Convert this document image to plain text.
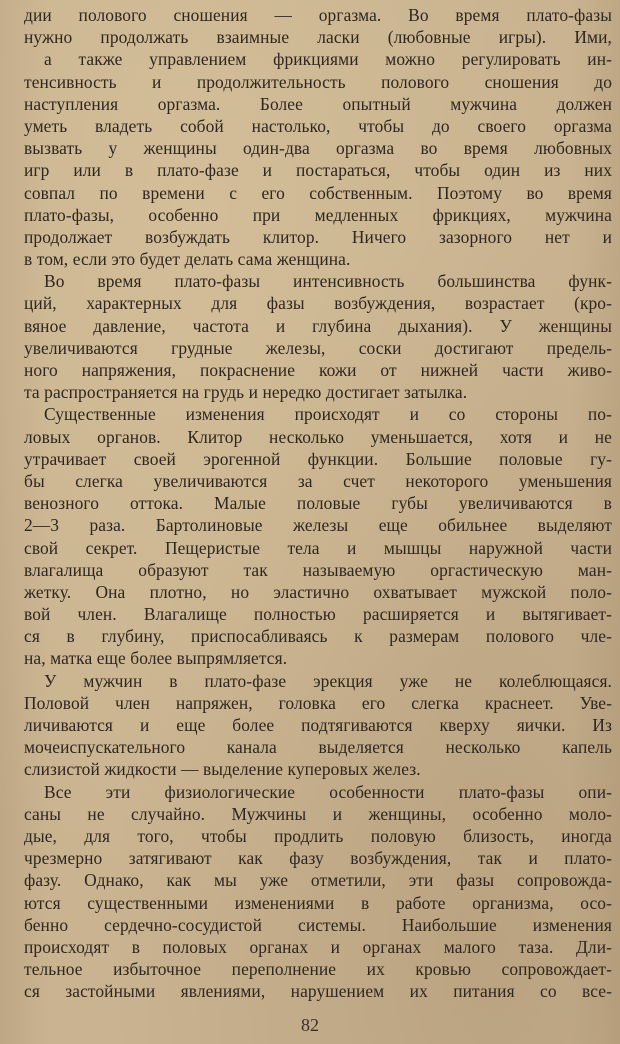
дии полового сношения — оргазма. Во время плато-фазы
нужно продолжать взаимные ласки (любовные игры). Ими,
а также управлением фрикциями можно регулировать ин-
тенсивность и продолжительность полового сношения до
наступления оргазма. Более опытный мужчина должен
уметь владеть собой настолько, чтобы до своего оргазма
вызвать у женщины один-два оргазма во время любовных
игр или в плато-фазе и постараться, чтобы один из них
совпал по времени с его собственным. Поэтому во время
плато-фазы, особенно при медленных фрикциях, мужчина
продолжает возбуждать клитор. Ничего зазорного нет и
в том, если это будет делать сама женщина.
Во время плато-фазы интенсивность большинства функ-
ций, характерных для фазы возбуждения, возрастает (кро-
вяное давление, частота и глубина дыхания). У женщины
увеличиваются грудные железы, соски достигают предель-
ного напряжения, покраснение кожи от нижней части живо-
та распространяется на грудь и нередко достигает затылка.
Существенные изменения происходят и со стороны по-
ловых органов. Клитор несколько уменьшается, хотя и не
утрачивает своей эрогенной функции. Большие половые гу-
бы слегка увеличиваются за счет некоторого уменьшения
венозного оттока. Малые половые губы увеличиваются в
2—3 раза. Бартолиновые железы еще обильнее выделяют
свой секрет. Пещеристые тела и мышцы наружной части
влагалища образуют так называемую оргастическую ман-
жетку. Она плотно, но эластично охватывает мужской поло-
вой член. Влагалище полностью расширяется и вытягивает-
ся в глубину, приспосабливаясь к размерам полового чле-
на, матка еще более выпрямляется.
У мужчин в плато-фазе эрекция уже не колеблющаяся.
Половой член напряжен, головка его слегка краснеет. Уве-
личиваются и еще более подтягиваются кверху яички. Из
мочеиспускательного канала выделяется несколько капель
слизистой жидкости — выделение куперовых желез.
Все эти физиологические особенности плато-фазы опи-
саны не случайно. Мужчины и женщины, особенно моло-
дые, для того, чтобы продлить половую близость, иногда
чрезмерно затягивают как фазу возбуждения, так и плато-
фазу. Однако, как мы уже отметили, эти фазы сопровожда-
ются существенными изменениями в работе организма, осо-
бенно сердечно-сосудистой системы. Наибольшие изменения
происходят в половых органах и органах малого таза. Дли-
тельное избыточное переполнение их кровью сопровождает-
ся застойными явлениями, нарушением их питания со все-
82
